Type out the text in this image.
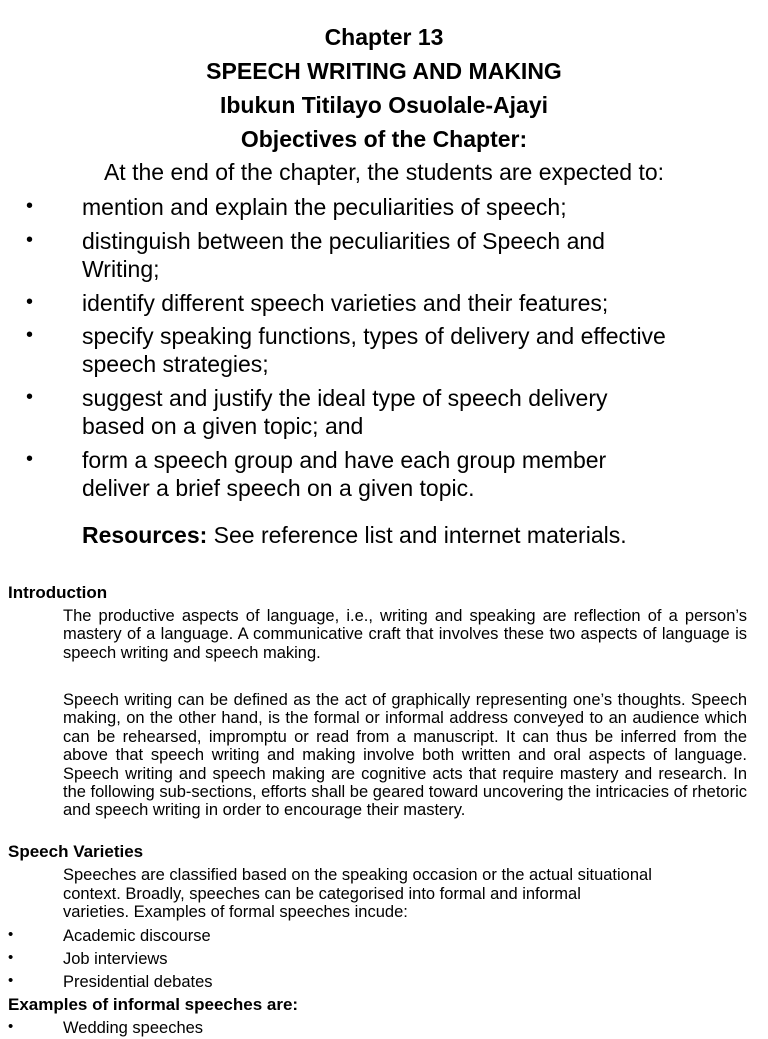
Chapter 13
SPEECH WRITING AND MAKING
Ibukun Titilayo Osuolale-Ajayi
Objectives of the Chapter:
At the end of the chapter, the students are expected to:
• mention and explain the peculiarities of speech;
• distinguish between the peculiarities of Speech and
Writing;
• identify different speech varieties and their features;
• specify speaking functions, types of delivery and effective
speech strategies;
• suggest and justify the ideal type of speech delivery
based on a given topic; and
• form a speech group and have each group member
deliver a brief speech on a given topic.
Resources: See reference list and internet materials.
Introduction
The productive aspects of language, i.e., writing and speaking are reflection of a person’s mastery of a language. A communicative craft that involves these two aspects of language is speech writing and speech making.
Speech writing can be defined as the act of graphically representing one’s thoughts. Speech making, on the other hand, is the formal or informal address conveyed to an audience which can be rehearsed, impromptu or read from a manuscript. It can thus be inferred from the above that speech writing and making involve both written and oral aspects of language. Speech writing and speech making are cognitive acts that require mastery and research. In the following sub-sections, efforts shall be geared toward uncovering the intricacies of rhetoric and speech writing in order to encourage their mastery.
Speech Varieties
Speeches are classified based on the speaking occasion or the actual situational
context. Broadly, speeches can be categorised into formal and informal
varieties. Examples of formal speeches incude:
•	Academic discourse
•	Job interviews
•	Presidential debates
Examples of informal speeches are:
•	Wedding speeches
